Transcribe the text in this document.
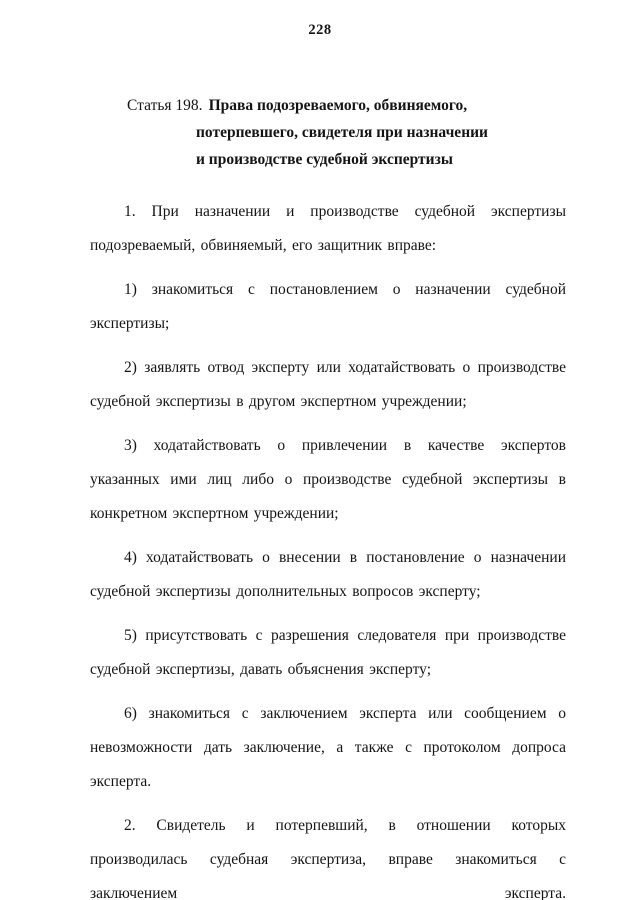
228
Статья 198. Права подозреваемого, обвиняемого,
потерпевшего, свидетеля при назначении
и производстве судебной экспертизы
1. При назначении и производстве судебной экспертизы подозреваемый, обвиняемый, его защитник вправе:
1) знакомиться с постановлением о назначении судебной экспертизы;
2) заявлять отвод эксперту или ходатайствовать о производстве судебной экспертизы в другом экспертном учреждении;
3) ходатайствовать о привлечении в качестве экспертов указанных ими лиц либо о производстве судебной экспертизы в конкретном экспертном учреждении;
4) ходатайствовать о внесении в постановление о назначении судебной экспертизы дополнительных вопросов эксперту;
5) присутствовать с разрешения следователя при производстве судебной экспертизы, давать объяснения эксперту;
6) знакомиться с заключением эксперта или сообщением о невозможности дать заключение, а также с протоколом допроса эксперта.
2. Свидетель и потерпевший, в отношении которых производилась судебная экспертиза, вправе знакомиться с заключением эксперта.
